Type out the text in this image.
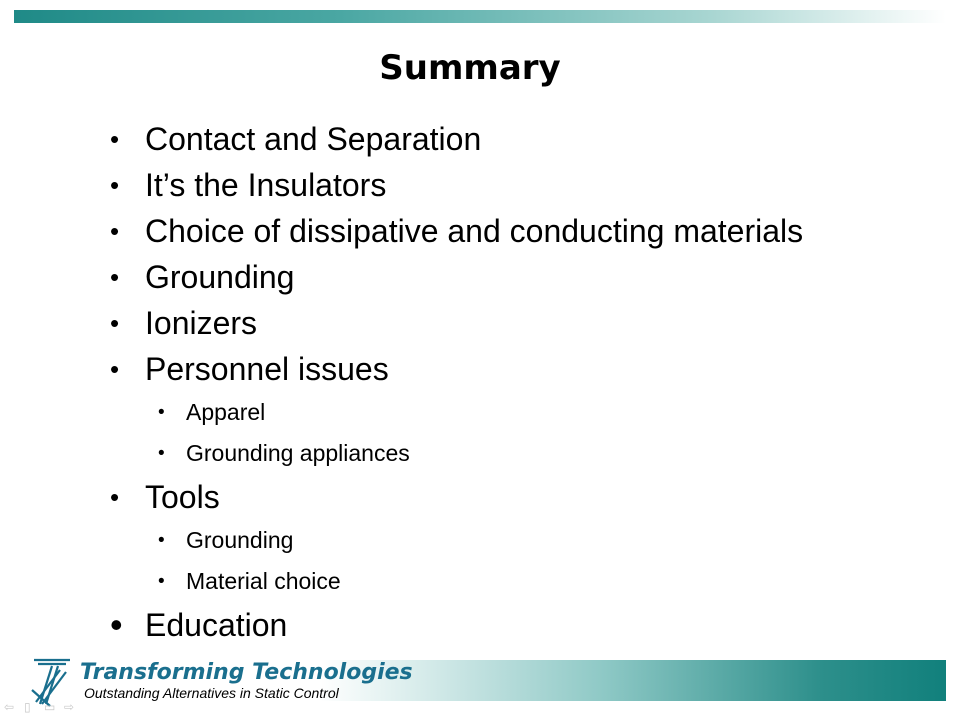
Summary
• Contact and Separation
• It’s the Insulators
• Choice of dissipative and conducting materials
• Grounding
• Ionizers
• Personnel issues
• Apparel
• Grounding appliances
• Tools
• Grounding
• Material choice
• Education
Transforming Technologies
Outstanding Alternatives in Static Control
⇦ ▯	▭ ⇨
